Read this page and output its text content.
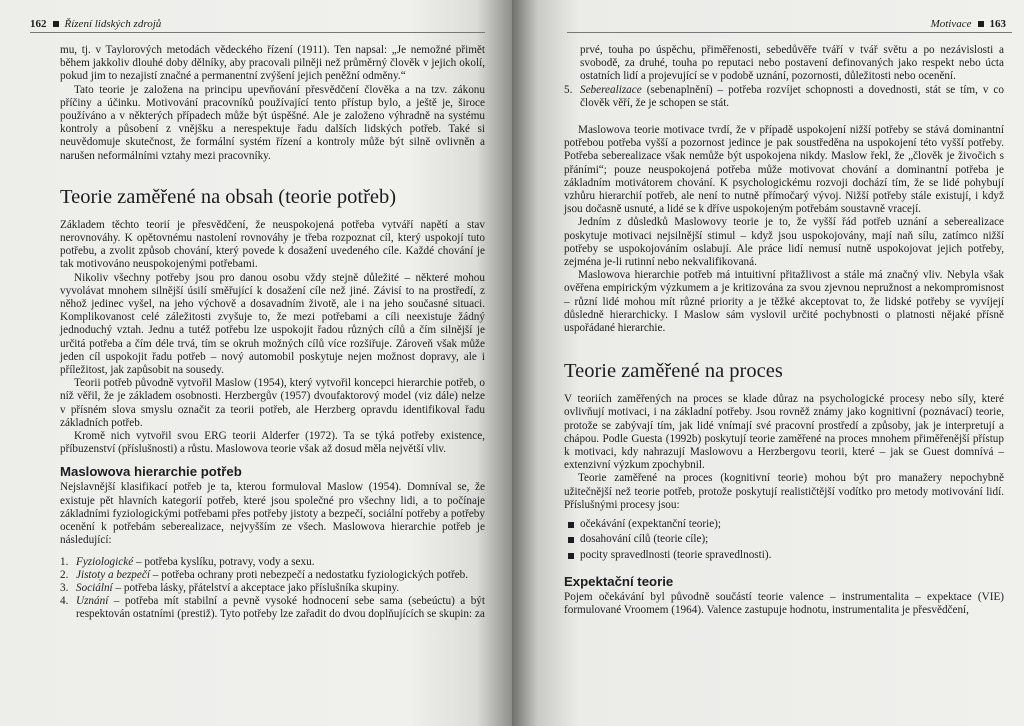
162 Řízení lidských zdrojů

mu, tj. v Taylorových metodách vědeckého řízení (1911). Ten napsal: „Je nemožné přimět během jakkoliv dlouhé doby dělníky, aby pracovali pilněji než průměrný člověk v jejich okolí, pokud jim to nezajistí značné a permanentní zvýšení jejich peněžní odměny.“

Tato teorie je založena na principu upevňování přesvědčení člověka a na tzv. zákonu příčiny a účinku. Motivování pracovníků používající tento přístup bylo, a ještě je, široce používáno a v některých případech může být úspěšné. Ale je založeno výhradně na systému kontroly a působení z vnějšku a nerespektuje řadu dalších lidských potřeb. Také si neuvědomuje skutečnost, že formální systém řízení a kontroly může být silně ovlivněn a narušen neformálními vztahy mezi pracovníky.

Teorie zaměřené na obsah (teorie potřeb)

Základem těchto teorií je přesvědčení, že neuspokojená potřeba vytváří napětí a stav nerovnováhy. K opětovnému nastolení rovnováhy je třeba rozpoznat cíl, který uspokojí tuto potřebu, a zvolit způsob chování, který povede k dosažení uvedeného cíle. Každé chování je tak motivováno neuspokojenými potřebami.

Nikoliv všechny potřeby jsou pro danou osobu vždy stejně důležité – některé mohou vyvolávat mnohem silnější úsilí směřující k dosažení cíle než jiné. Závisí to na prostředí, z něhož jedinec vyšel, na jeho výchově a dosavadním životě, ale i na jeho současné situaci. Komplikovanost celé záležitosti zvyšuje to, že mezi potřebami a cíli neexistuje žádný jednoduchý vztah. Jednu a tutéž potřebu lze uspokojit řadou různých cílů a čím silnější je určitá potřeba a čím déle trvá, tím se okruh možných cílů více rozšiřuje. Zároveň však může jeden cíl uspokojit řadu potřeb – nový automobil poskytuje nejen možnost dopravy, ale i příležitost, jak zapůsobit na sousedy.

Teorii potřeb původně vytvořil Maslow (1954), který vytvořil koncepci hierarchie potřeb, o níž věřil, že je základem osobnosti. Herzbergův (1957) dvoufaktorový model (viz dále) nelze v přísném slova smyslu označit za teorii potřeb, ale Herzberg opravdu identifikoval řadu základních potřeb.

Kromě nich vytvořil svou ERG teorii Alderfer (1972). Ta se týká potřeby existence, příbuzenství (příslušnosti) a růstu. Maslowova teorie však až dosud měla největší vliv.

Maslowova hierarchie potřeb

Nejslavnější klasifikací potřeb je ta, kterou formuloval Maslow (1954). Domníval se, že existuje pět hlavních kategorií potřeb, které jsou společné pro všechny lidi, a to počínaje základními fyziologickými potřebami přes potřeby jistoty a bezpečí, sociální potřeby a potřeby ocenění k potřebám seberealizace, nejvyšším ze všech. Maslowova hierarchie potřeb je následující:

1. Fyziologické – potřeba kyslíku, potravy, vody a sexu.
2. Jistoty a bezpečí – potřeba ochrany proti nebezpečí a nedostatku fyziologických potřeb.
3. Sociální – potřeba lásky, přátelství a akceptace jako příslušníka skupiny.
4. Uznání – potřeba mít stabilní a pevně vysoké hodnocení sebe sama (sebeúctu) a být respektován ostatními (prestiž). Tyto potřeby lze zařadit do dvou doplňujících se skupin: za
Motivace 163

prvé, touha po úspěchu, přiměřenosti, sebedůvěře tváří v tvář světu a po nezávislosti a svobodě, za druhé, touha po reputaci nebo postavení definovaných jako respekt nebo úcta ostatních lidí a projevující se v podobě uznání, pozornosti, důležitosti nebo ocenění.

5. Seberealizace (sebenaplnění) – potřeba rozvíjet schopnosti a dovednosti, stát se tím, v co člověk věří, že je schopen se stát.

Maslowova teorie motivace tvrdí, že v případě uspokojení nižší potřeby se stává dominantní potřebou potřeba vyšší a pozornost jedince je pak soustředěna na uspokojení této vyšší potřeby. Potřeba seberealizace však nemůže být uspokojena nikdy. Maslow řekl, že „člověk je živočich s přáními“; pouze neuspokojená potřeba může motivovat chování a dominantní potřeba je základním motivátorem chování. K psychologickému rozvoji dochází tím, že se lidé pohybují vzhůru hierarchií potřeb, ale není to nutně přímočarý vývoj. Nižší potřeby stále existují, i když jsou dočasně usnuté, a lidé se k dříve uspokojeným potřebám soustavně vracejí.

Jedním z důsledků Maslowovy teorie je to, že vyšší řád potřeb uznání a seberealizace poskytuje motivaci nejsilnější stimul – když jsou uspokojovány, mají naň sílu, zatímco nižší potřeby se uspokojováním oslabují. Ale práce lidí nemusí nutně uspokojovat jejich potřeby, zejména je-li rutinní nebo nekvalifikovaná.

Maslowova hierarchie potřeb má intuitivní přitažlivost a stále má značný vliv. Nebyla však ověřena empirickým výzkumem a je kritizována za svou zjevnou nepružnost a nekompromisnost – různí lidé mohou mít různé priority a je těžké akceptovat to, že lidské potřeby se vyvíjejí důsledně hierarchicky. I Maslow sám vyslovil určité pochybnosti o platnosti nějaké přísně uspořádané hierarchie.

Teorie zaměřené na proces

V teoriích zaměřených na proces se klade důraz na psychologické procesy nebo síly, které ovlivňují motivaci, i na základní potřeby. Jsou rovněž známy jako kognitivní (poznávací) teorie, protože se zabývají tím, jak lidé vnímají své pracovní prostředí a způsoby, jak je interpretují a chápou. Podle Guesta (1992b) poskytují teorie zaměřené na proces mnohem přiměřenější přístup k motivaci, kdy nahrazují Maslowovu a Herzbergovu teorii, které – jak se Guest domnívá – extenzivní výzkum zpochybnil.

Teorie zaměřené na proces (kognitivní teorie) mohou být pro manažery nepochybně užitečnější než teorie potřeb, protože poskytují realističtější vodítko pro metody motivování lidí. Příslušnými procesy jsou:

očekávání (expektanční teorie);
dosahování cílů (teorie cíle);
pocity spravedlnosti (teorie spravedlnosti).
Expektační teorie

Pojem očekávání byl původně součástí teorie valence – instrumentalita – expektace (VIE) formulované Vroomem (1964). Valence zastupuje hodnotu, instrumentalita je přesvědčení,
